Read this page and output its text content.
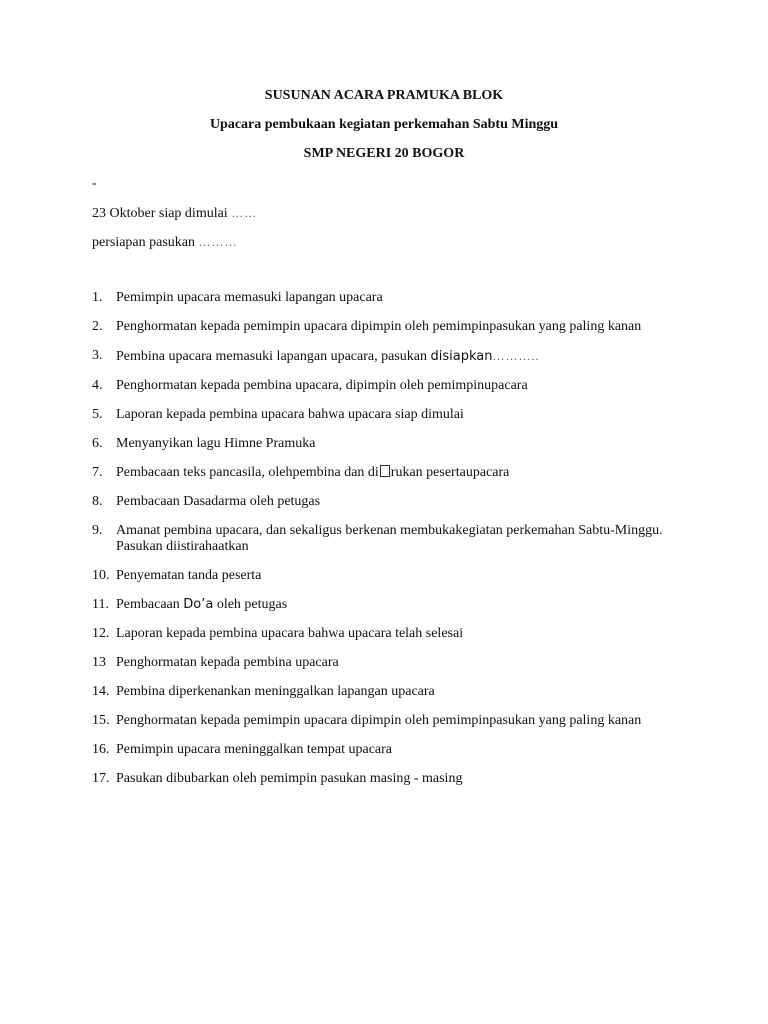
SUSUNAN ACARA PRAMUKA BLOK
Upacara pembukaan kegiatan perkemahan Sabtu Minggu
SMP NEGERI 20 BOGOR
-
23 Oktober siap dimulai ……
persiapan pasukan ………
1. Pemimpin upacara memasuki lapangan upacara
2. Penghormatan kepada pemimpin upacara dipimpin oleh pemimpinpasukan yang paling kanan
3. Pembina upacara memasuki lapangan upacara, pasukan disiapkan………..
4. Penghormatan kepada pembina upacara, dipimpin oleh pemimpinupacara
5. Laporan kepada pembina upacara bahwa upacara siap dimulai
6. Menyanyikan lagu Himne Pramuka
7. Pembacaan teks pancasila, olehpembina dan di rukan pesertaupacara
8. Pembacaan Dasadarma oleh petugas
9. Amanat pembina upacara, dan sekaligus berkenan membukakegiatan perkemahan Sabtu-Minggu. Pasukan diistirahaatkan
10. Penyematan tanda peserta
11. Pembacaan Do’a oleh petugas
12. Laporan kepada pembina upacara bahwa upacara telah selesai
13 Penghormatan kepada pembina upacara
14. Pembina diperkenankan meninggalkan lapangan upacara
15. Penghormatan kepada pemimpin upacara dipimpin oleh pemimpinpasukan yang paling kanan
16. Pemimpin upacara meninggalkan tempat upacara
17. Pasukan dibubarkan oleh pemimpin pasukan masing - masing
